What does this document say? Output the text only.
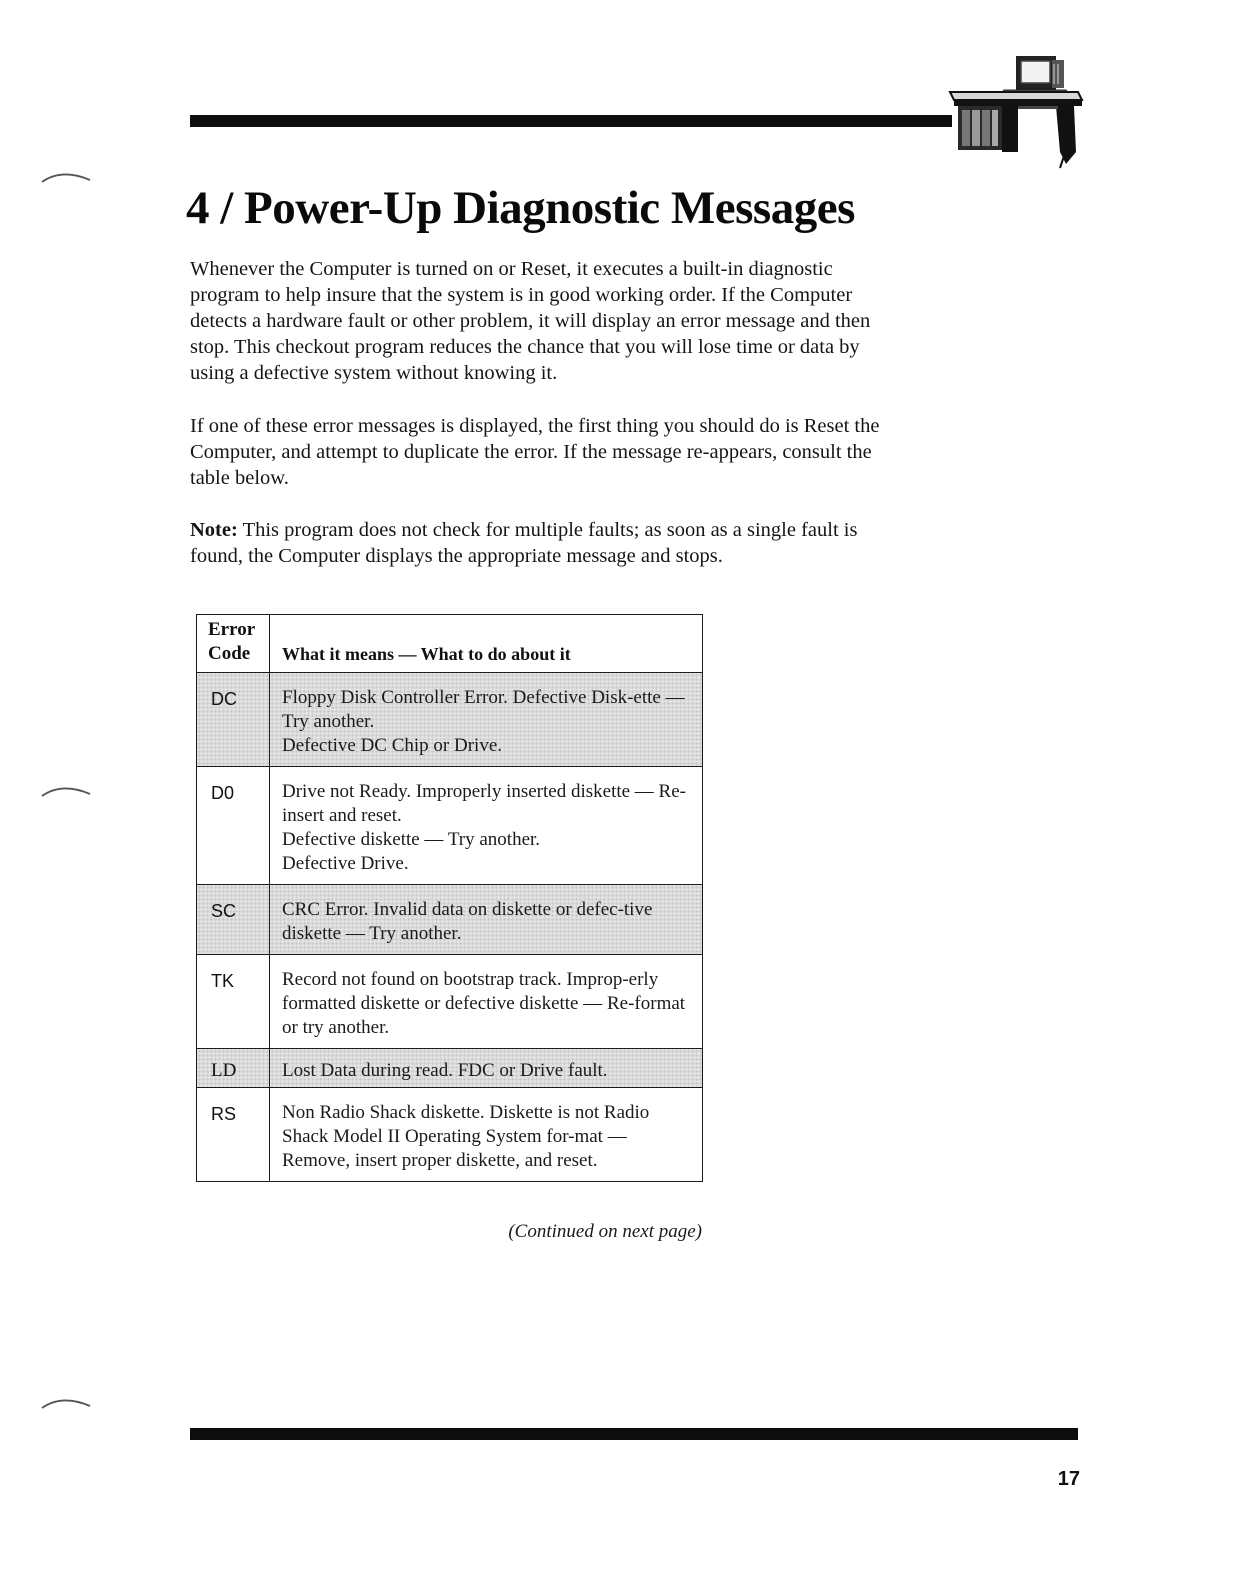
4 / Power-Up Diagnostic Messages

Whenever the Computer is turned on or Reset, it executes a built-in diagnostic program to help insure that the system is in good working order. If the Computer detects a hardware fault or other problem, it will display an error message and then stop. This checkout program reduces the chance that you will lose time or data by using a defective system without knowing it.

If one of these error messages is displayed, the first thing you should do is Reset the Computer, and attempt to duplicate the error. If the message re-appears, consult the table below.

Note: This program does not check for multiple faults; as soon as a single fault is found, the Computer displays the appropriate message and stops.

Error
Code	What it means — What to do about it
DC	Floppy Disk Controller Error. Defective Disk-ette — Try another.
Defective DC Chip or Drive.

D0	Drive not Ready. Improperly inserted diskette — Re-insert and reset.
Defective diskette — Try another.
Defective Drive.

SC	CRC Error. Invalid data on diskette or defec-tive diskette — Try another.

TK	Record not found on bootstrap track. Improp-erly formatted diskette or defective diskette — Re-format or try another.

LD	Lost Data during read. FDC or Drive fault.

RS	Non Radio Shack diskette. Diskette is not Radio Shack Model II Operating System for-mat — Remove, insert proper diskette, and reset.
(Continued on next page)
17
